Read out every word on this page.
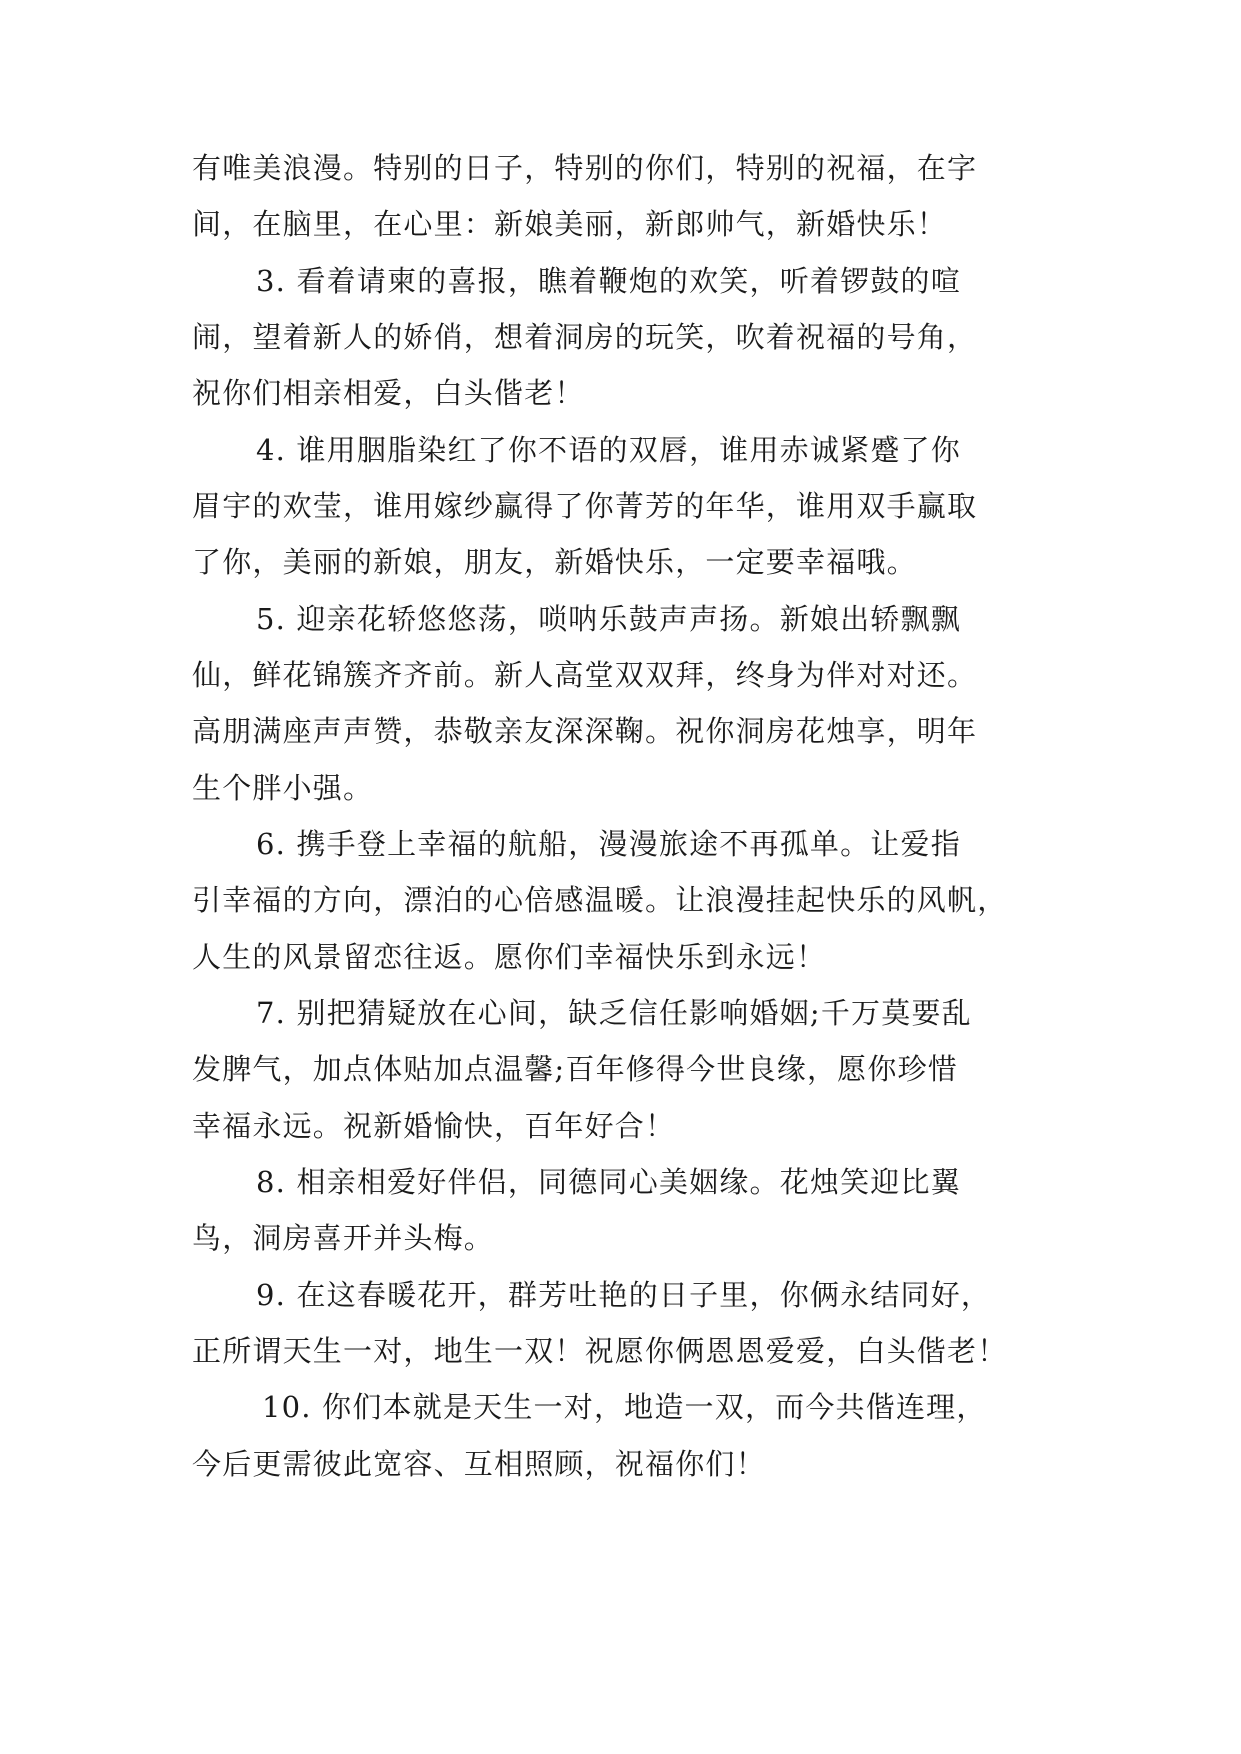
有唯美浪漫。特别的日子，特别的你们，特别的祝福，在字
间，在脑里，在心里：新娘美丽，新郎帅气，新婚快乐！
3. 看着请柬的喜报，瞧着鞭炮的欢笑，听着锣鼓的喧
闹，望着新人的娇俏，想着洞房的玩笑，吹着祝福的号角，
祝你们相亲相爱，白头偕老！
4. 谁用胭脂染红了你不语的双唇，谁用赤诚紧蹙了你
眉宇的欢莹，谁用嫁纱赢得了你菁芳的年华，谁用双手赢取
了你，美丽的新娘，朋友，新婚快乐，一定要幸福哦。
5. 迎亲花轿悠悠荡，唢呐乐鼓声声扬。新娘出轿飘飘
仙，鲜花锦簇齐齐前。新人高堂双双拜，终身为伴对对还。
高朋满座声声赞，恭敬亲友深深鞠。祝你洞房花烛享，明年
生个胖小强。
6. 携手登上幸福的航船，漫漫旅途不再孤单。让爱指
引幸福的方向，漂泊的心倍感温暖。让浪漫挂起快乐的风帆，
人生的风景留恋往返。愿你们幸福快乐到永远！
7. 别把猜疑放在心间，缺乏信任影响婚姻;千万莫要乱
发脾气，加点体贴加点温馨;百年修得今世良缘，愿你珍惜
幸福永远。祝新婚愉快，百年好合！
8. 相亲相爱好伴侣，同德同心美姻缘。花烛笑迎比翼
鸟，洞房喜开并头梅。
9. 在这春暖花开，群芳吐艳的日子里，你俩永结同好，
正所谓天生一对，地生一双！祝愿你俩恩恩爱爱，白头偕老！
10. 你们本就是天生一对，地造一双，而今共偕连理，
今后更需彼此宽容、互相照顾，祝福你们！
